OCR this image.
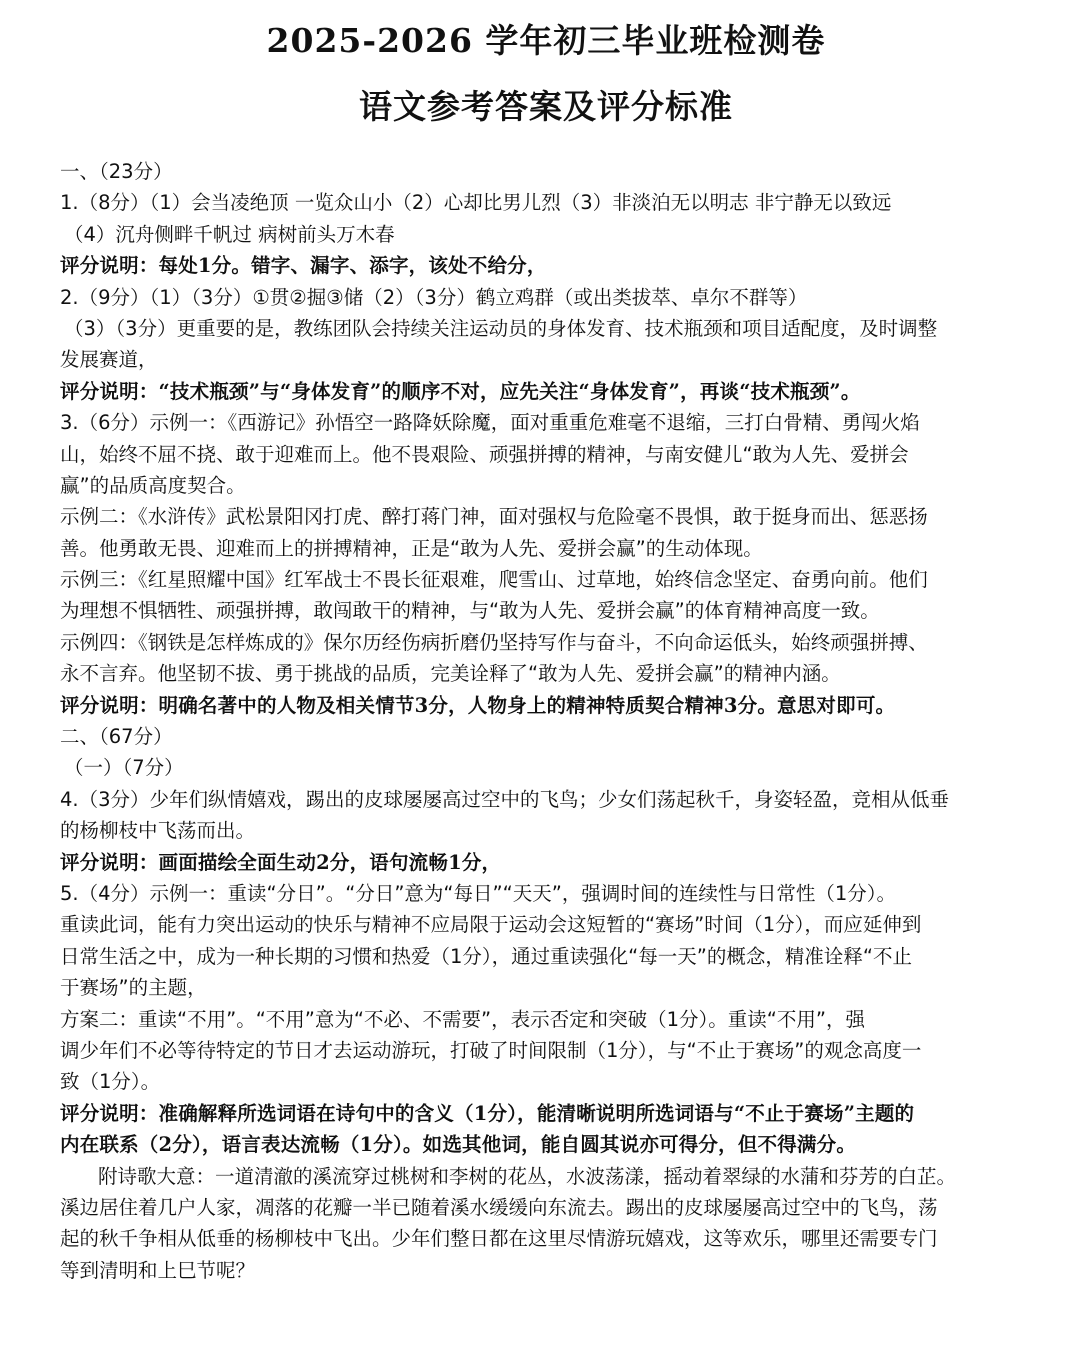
2025-2026 学年初三毕业班检测卷
语文参考答案及评分标准
一、（23分）
1.（8分）（1）会当凌绝顶 一览众山小（2）心却比男儿烈（3）非淡泊无以明志 非宁静无以致远
（4）沉舟侧畔千帆过 病树前头万木春
评分说明：每处1分。错字、漏字、添字，该处不给分，
2.（9分）（1）（3分）①贯②掘③储（2）（3分）鹤立鸡群（或出类拔萃、卓尔不群等）
（3）（3分）更重要的是，教练团队会持续关注运动员的身体发育、技术瓶颈和项目适配度，及时调整
发展赛道，
评分说明：“技术瓶颈”与“身体发育”的顺序不对，应先关注“身体发育”，再谈“技术瓶颈”。
3.（6分）示例一：《西游记》孙悟空一路降妖除魔，面对重重危难毫不退缩，三打白骨精、勇闯火焰
山，始终不屈不挠、敢于迎难而上。他不畏艰险、顽强拼搏的精神，与南安健儿“敢为人先、爱拼会
赢”的品质高度契合。
示例二：《水浒传》武松景阳冈打虎、醉打蒋门神，面对强权与危险毫不畏惧，敢于挺身而出、惩恶扬
善。他勇敢无畏、迎难而上的拼搏精神，正是“敢为人先、爱拼会赢”的生动体现。
示例三：《红星照耀中国》红军战士不畏长征艰难，爬雪山、过草地，始终信念坚定、奋勇向前。他们
为理想不惧牺牲、顽强拼搏，敢闯敢干的精神，与“敢为人先、爱拼会赢”的体育精神高度一致。
示例四：《钢铁是怎样炼成的》保尔历经伤病折磨仍坚持写作与奋斗，不向命运低头，始终顽强拼搏、
永不言弃。他坚韧不拔、勇于挑战的品质，完美诠释了“敢为人先、爱拼会赢”的精神内涵。
评分说明：明确名著中的人物及相关情节3分，人物身上的精神特质契合精神3分。意思对即可。
二、（67分）
（一）（7分）
4.（3分）少年们纵情嬉戏，踢出的皮球屡屡高过空中的飞鸟；少女们荡起秋千，身姿轻盈，竞相从低垂
的杨柳枝中飞荡而出。
评分说明：画面描绘全面生动2分，语句流畅1分，
5.（4分）示例一：重读“分日”。“分日”意为“每日”“天天”，强调时间的连续性与日常性（1分）。
重读此词，能有力突出运动的快乐与精神不应局限于运动会这短暂的“赛场”时间（1分），而应延伸到
日常生活之中，成为一种长期的习惯和热爱（1分），通过重读强化“每一天”的概念，精准诠释“不止
于赛场”的主题，
方案二：重读“不用”。“不用”意为“不必、不需要”，表示否定和突破（1分）。重读“不用”，强
调少年们不必等待特定的节日才去运动游玩，打破了时间限制（1分），与“不止于赛场”的观念高度一
致（1分）。
评分说明：准确解释所选词语在诗句中的含义（1分），能清晰说明所选词语与“不止于赛场”主题的
内在联系（2分），语言表达流畅（1分）。如选其他词，能自圆其说亦可得分，但不得满分。
附诗歌大意：一道清澈的溪流穿过桃树和李树的花丛，水波荡漾，摇动着翠绿的水蒲和芬芳的白芷。
溪边居住着几户人家，凋落的花瓣一半已随着溪水缓缓向东流去。踢出的皮球屡屡高过空中的飞鸟，荡
起的秋千争相从低垂的杨柳枝中飞出。少年们整日都在这里尽情游玩嬉戏，这等欢乐，哪里还需要专门
等到清明和上巳节呢？
